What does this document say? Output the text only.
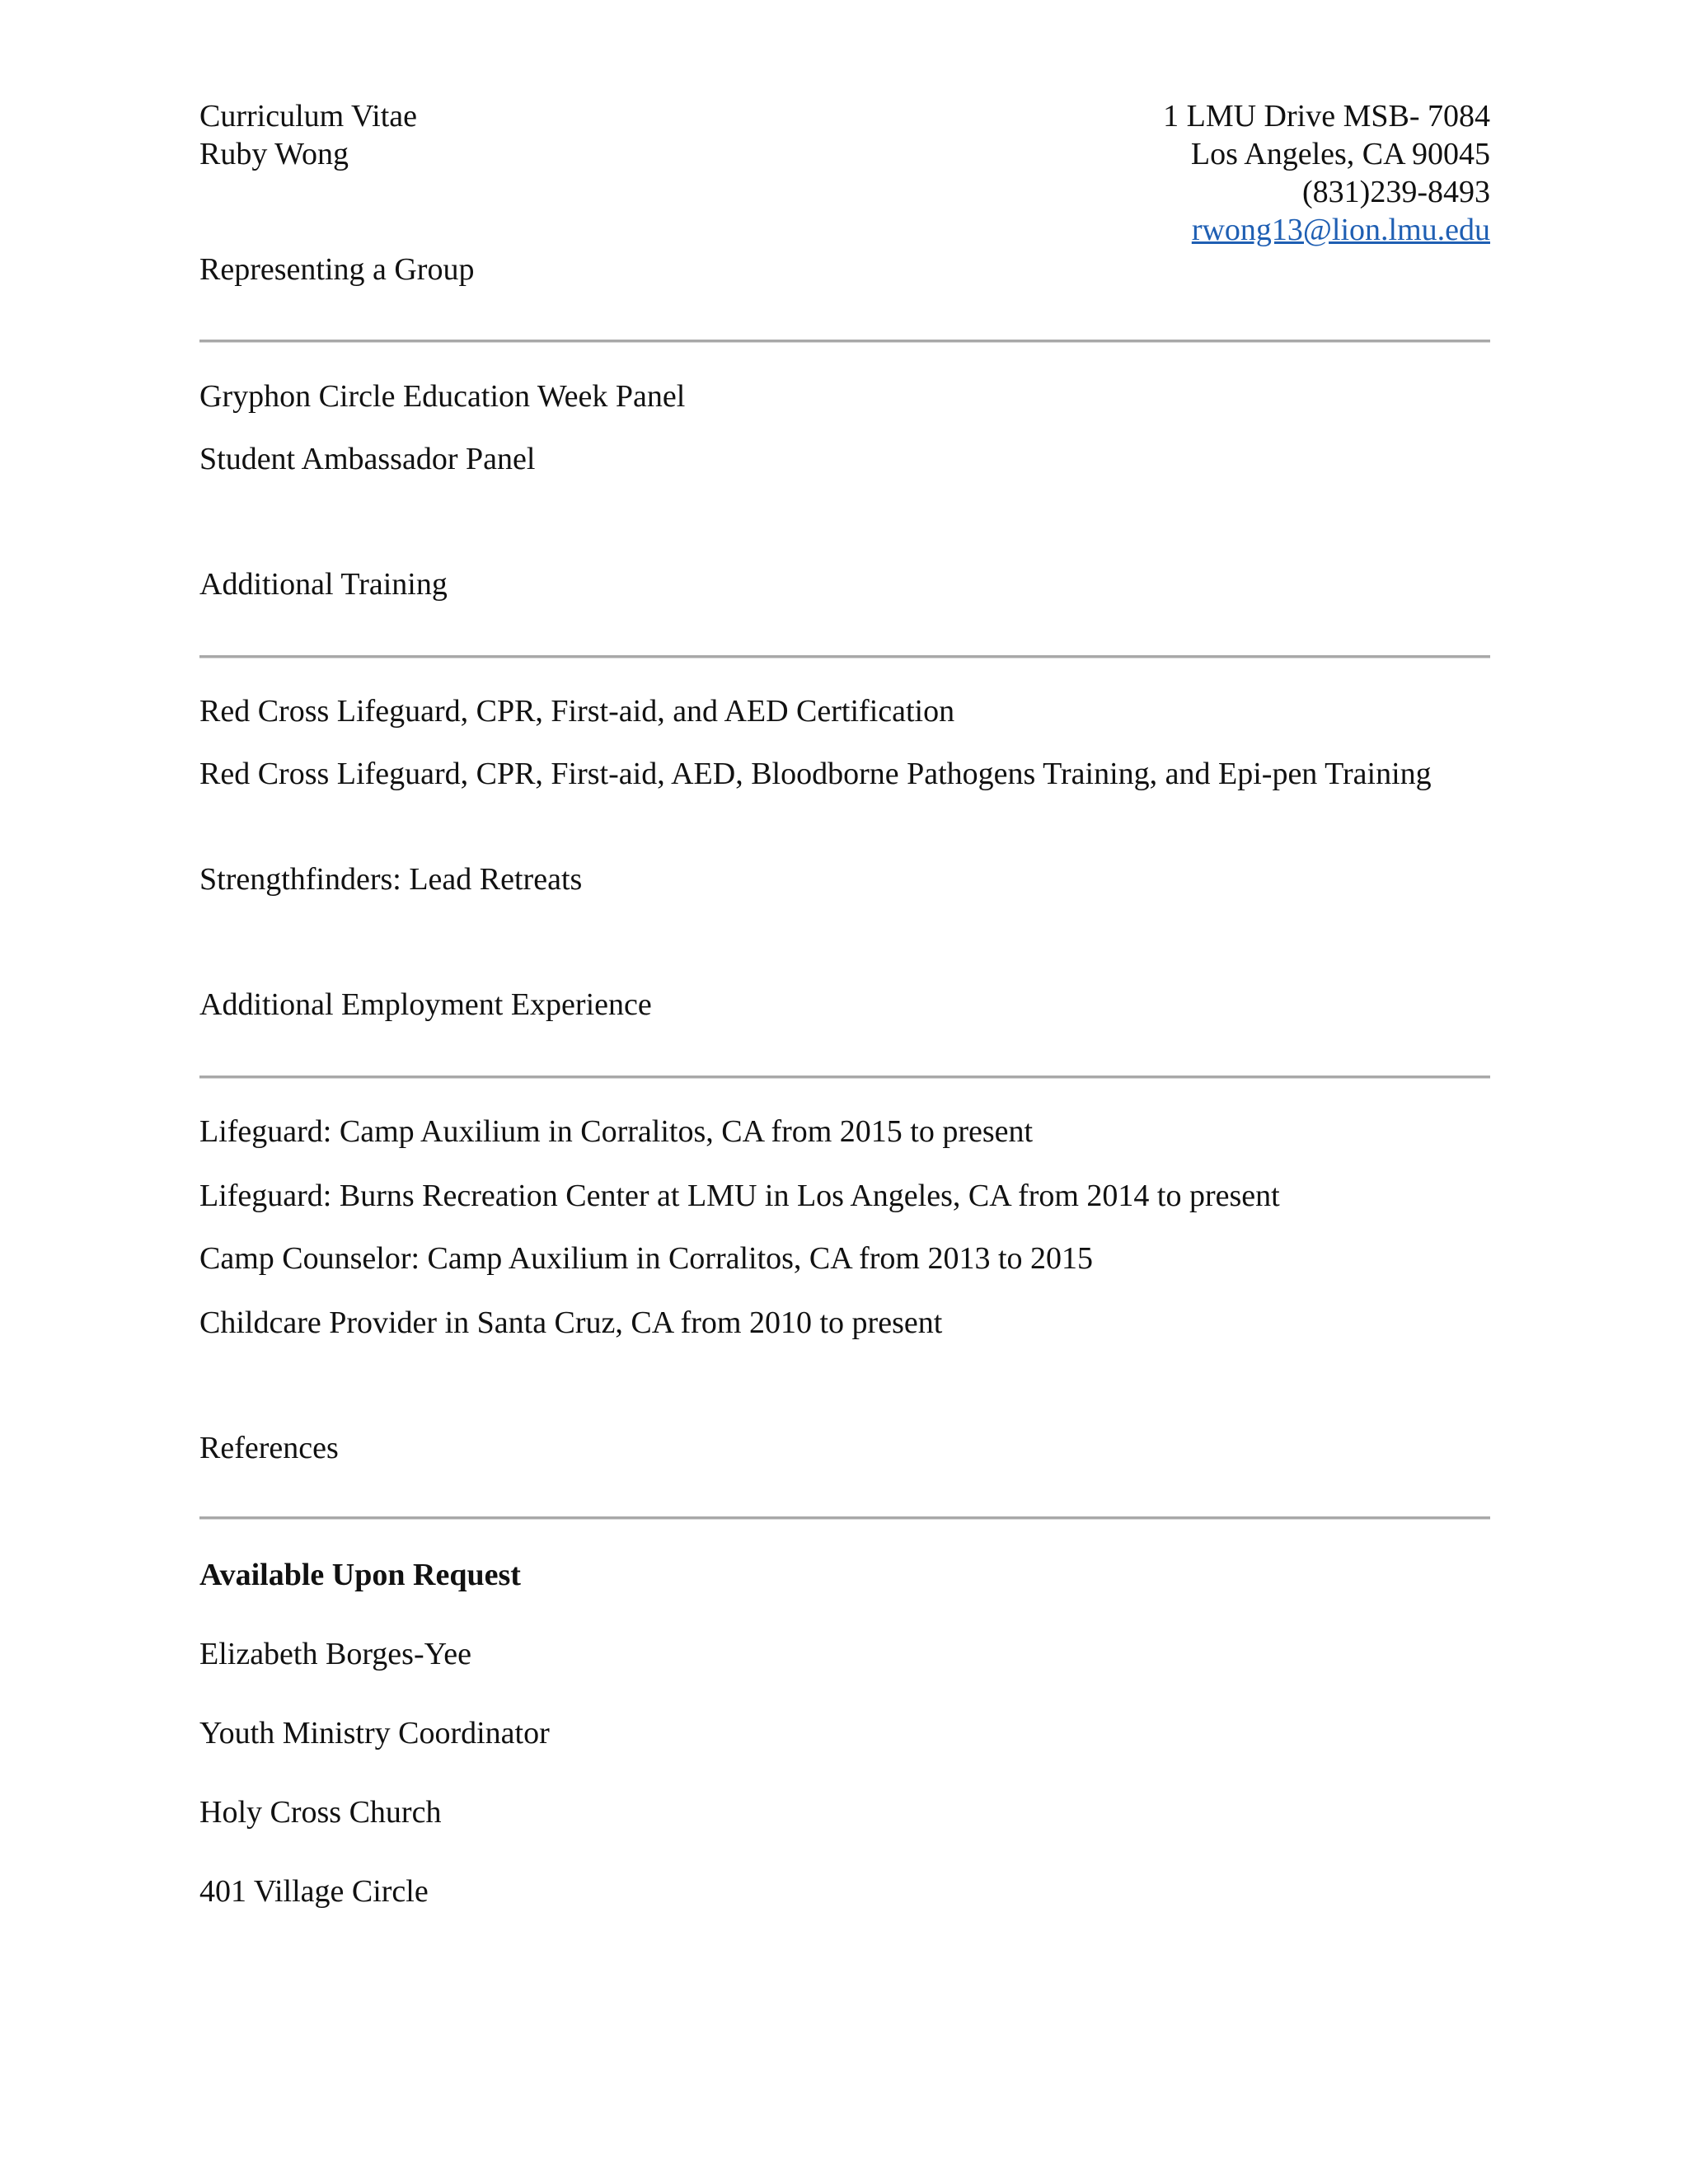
Curriculum Vitae
Ruby Wong
1 LMU Drive MSB- 7084
Los Angeles, CA 90045
(831)239-8493
rwong13@lion.lmu.edu
Representing a Group
Gryphon Circle Education Week Panel
Student Ambassador Panel
Additional Training
Red Cross Lifeguard, CPR, First-aid, and AED Certification
Red Cross Lifeguard, CPR, First-aid, AED, Bloodborne Pathogens Training, and Epi-pen Training
Strengthfinders: Lead Retreats
Additional Employment Experience
Lifeguard: Camp Auxilium in Corralitos, CA from 2015 to present
Lifeguard: Burns Recreation Center at LMU in Los Angeles, CA from 2014 to present
Camp Counselor: Camp Auxilium in Corralitos, CA from 2013 to 2015
Childcare Provider in Santa Cruz, CA from 2010 to present
References
Available Upon Request
Elizabeth Borges-Yee
Youth Ministry Coordinator
Holy Cross Church
401 Village Circle
